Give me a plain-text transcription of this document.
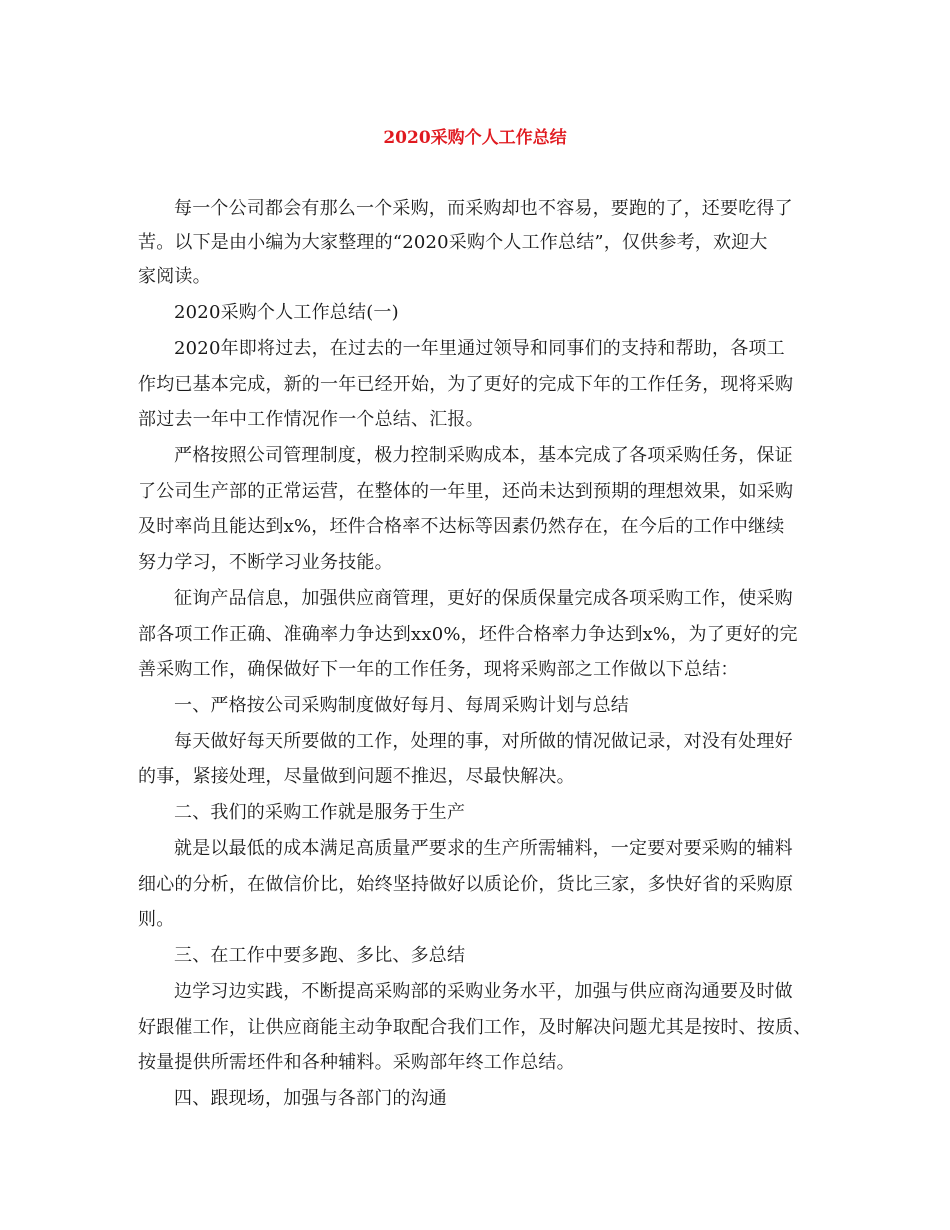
2020采购个人工作总结
每一个公司都会有那么一个采购，而采购却也不容易，要跑的了，还要吃得了
苦。以下是由小编为大家整理的“2020采购个人工作总结”，仅供参考，欢迎大
家阅读。
2020采购个人工作总结(一)
2020年即将过去，在过去的一年里通过领导和同事们的支持和帮助，各项工
作均已基本完成，新的一年已经开始，为了更好的完成下年的工作任务，现将采购
部过去一年中工作情况作一个总结、汇报。
严格按照公司管理制度，极力控制采购成本，基本完成了各项采购任务，保证
了公司生产部的正常运营，在整体的一年里，还尚未达到预期的理想效果，如采购
及时率尚且能达到x%，坯件合格率不达标等因素仍然存在，在今后的工作中继续
努力学习，不断学习业务技能。
征询产品信息，加强供应商管理，更好的保质保量完成各项采购工作，使采购
部各项工作正确、准确率力争达到xx0%，坯件合格率力争达到x%，为了更好的完
善采购工作，确保做好下一年的工作任务，现将采购部之工作做以下总结：
一、严格按公司采购制度做好每月、每周采购计划与总结
每天做好每天所要做的工作，处理的事，对所做的情况做记录，对没有处理好
的事，紧接处理，尽量做到问题不推迟，尽最快解决。
二、我们的采购工作就是服务于生产
就是以最低的成本满足高质量严要求的生产所需辅料，一定要对要采购的辅料
细心的分析，在做信价比，始终坚持做好以质论价，货比三家，多快好省的采购原
则。
三、在工作中要多跑、多比、多总结
边学习边实践，不断提高采购部的采购业务水平，加强与供应商沟通要及时做
好跟催工作，让供应商能主动争取配合我们工作，及时解决问题尤其是按时、按质、
按量提供所需坯件和各种辅料。采购部年终工作总结。
四、跟现场，加强与各部门的沟通
